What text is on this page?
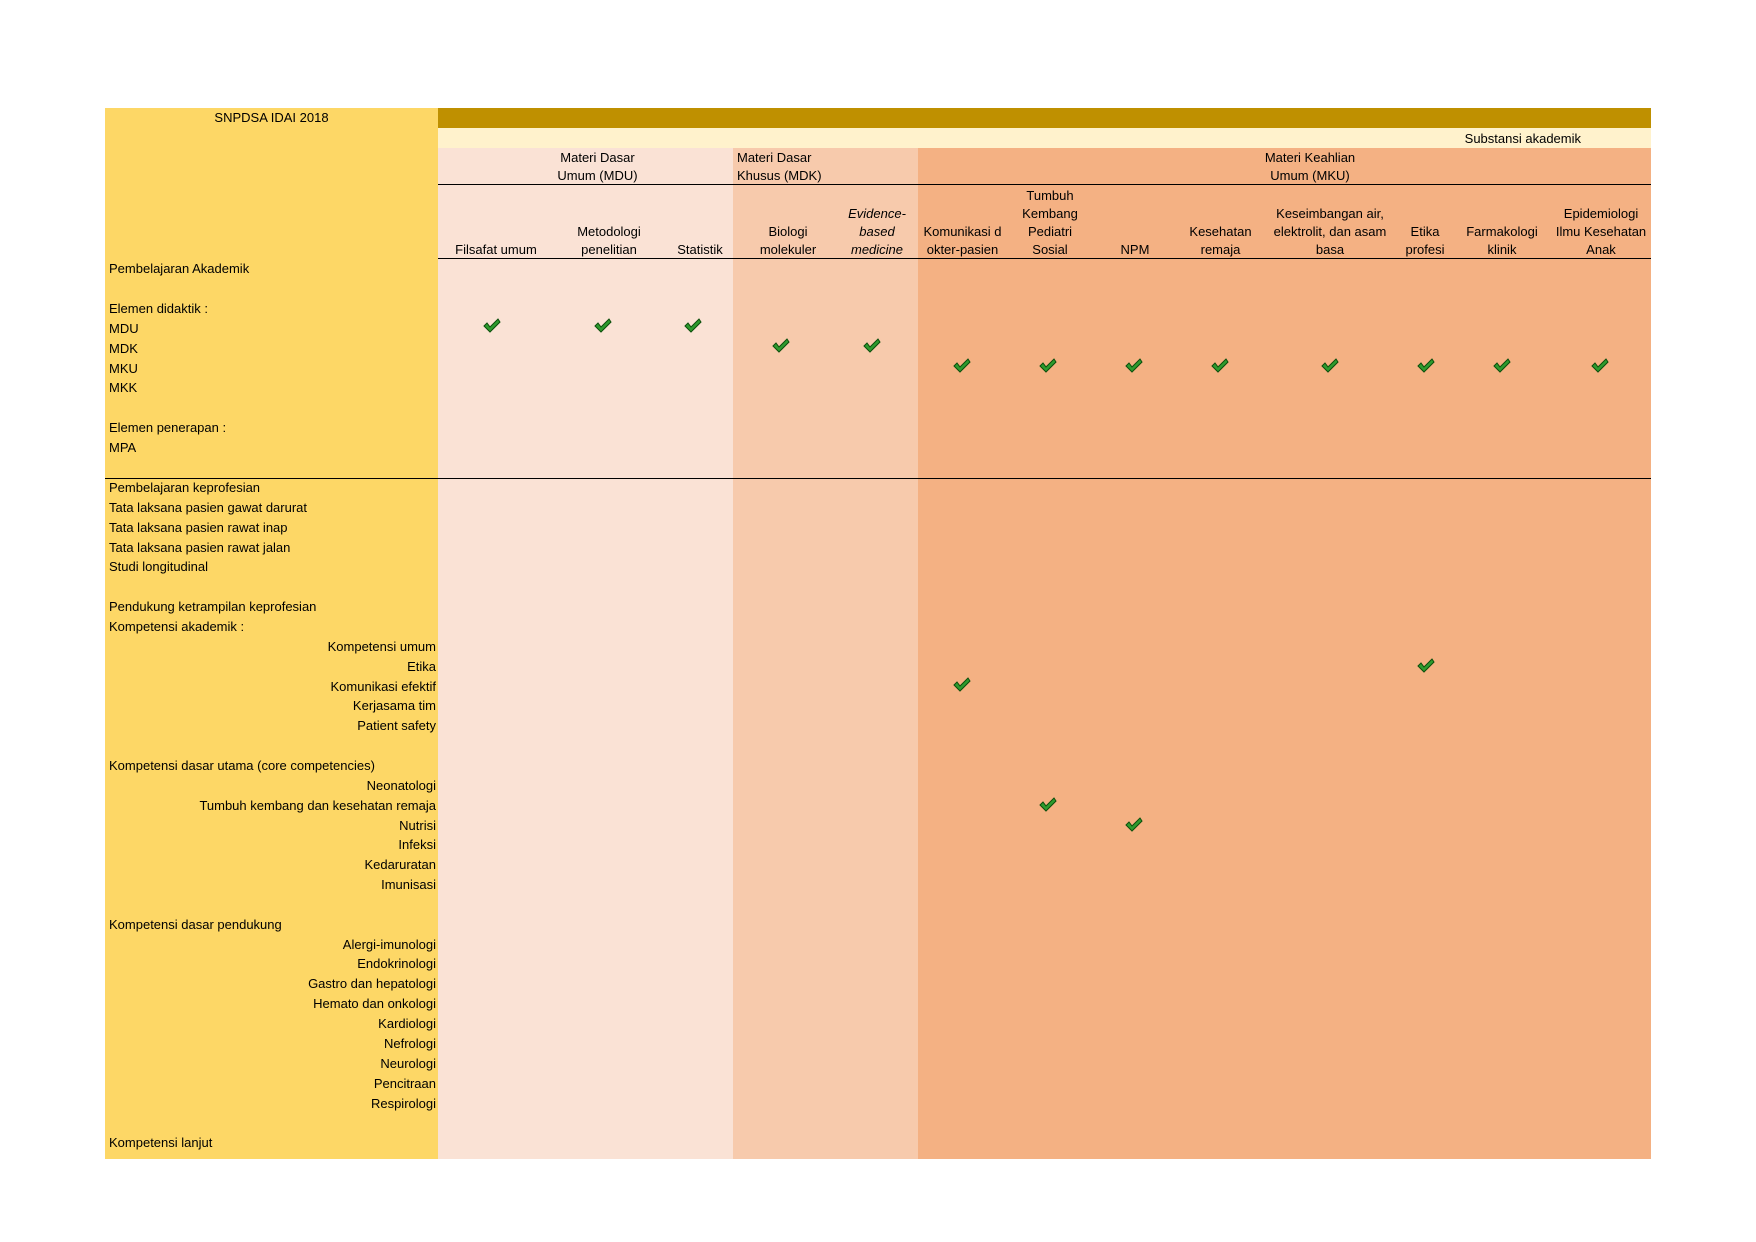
SNPDSA IDAI 2018
Substansi akademik
Materi Dasar Umum (MDU)
Materi Dasar Khusus (MDK)
Materi Keahlian Umum (MKU)
Filsafat umum
Metodologi penelitian	Statistik
Biologi molekuler
Evidence-based medicine
Komunikasi dokter-pasien
Tumbuh Kembang Pediatri Sosial	NPM
Kesehatan remaja
Keseimbangan air, elektrolit, dan asam basa
Etika profesi
Farmakologi klinik
Epidemiologi Ilmu Kesehatan Anak
Pembelajaran Akademik
Elemen didaktik :
MDU
MDK
MKU
MKK
Elemen penerapan :
MPA
Pembelajaran keprofesian
Tata laksana pasien gawat darurat
Tata laksana pasien rawat inap
Tata laksana pasien rawat jalan
Studi longitudinal
Pendukung ketrampilan keprofesian
Kompetensi akademik :
Kompetensi umum
Etika
Komunikasi efektif
Kerjasama tim
Patient safety
Kompetensi dasar utama (core competencies)
Neonatologi
Tumbuh kembang dan kesehatan remaja
Nutrisi
Infeksi
Kedaruratan
Imunisasi
Kompetensi dasar pendukung
Alergi-imunologi
Endokrinologi
Gastro dan hepatologi
Hemato dan onkologi
Kardiologi
Nefrologi
Neurologi
Pencitraan
Respirologi
Kompetensi lanjut
